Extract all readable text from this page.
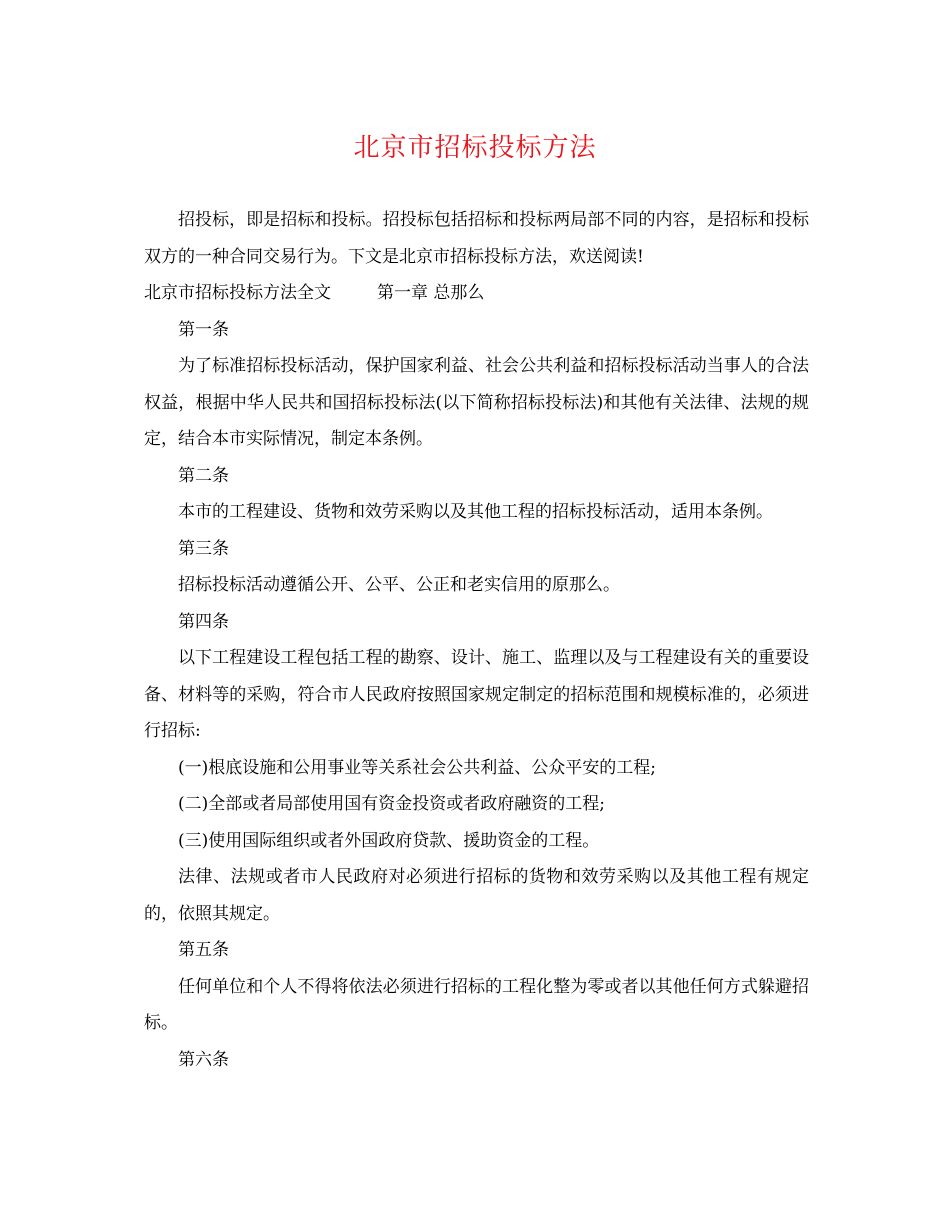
北京市招标投标方法

招投标，即是招标和投标。招投标包括招标和投标两局部不同的内容，是招标和投标双方的一种合同交易行为。下文是北京市招标投标方法，欢送阅读!

北京市招标投标方法全文	第一章 总那么

第一条

为了标准招标投标活动，保护国家利益、社会公共利益和招标投标活动当事人的合法权益，根据中华人民共和国招标投标法(以下简称招标投标法)和其他有关法律、法规的规定，结合本市实际情况，制定本条例。

第二条

本市的工程建设、货物和效劳采购以及其他工程的招标投标活动，适用本条例。

第三条

招标投标活动遵循公开、公平、公正和老实信用的原那么。

第四条

以下工程建设工程包括工程的勘察、设计、施工、监理以及与工程建设有关的重要设备、材料等的采购，符合市人民政府按照国家规定制定的招标范围和规模标准的，必须进行招标:

(一)根底设施和公用事业等关系社会公共利益、公众平安的工程;

(二)全部或者局部使用国有资金投资或者政府融资的工程;

(三)使用国际组织或者外国政府贷款、援助资金的工程。

法律、法规或者市人民政府对必须进行招标的货物和效劳采购以及其他工程有规定的，依照其规定。

第五条

任何单位和个人不得将依法必须进行招标的工程化整为零或者以其他任何方式躲避招标。

第六条
